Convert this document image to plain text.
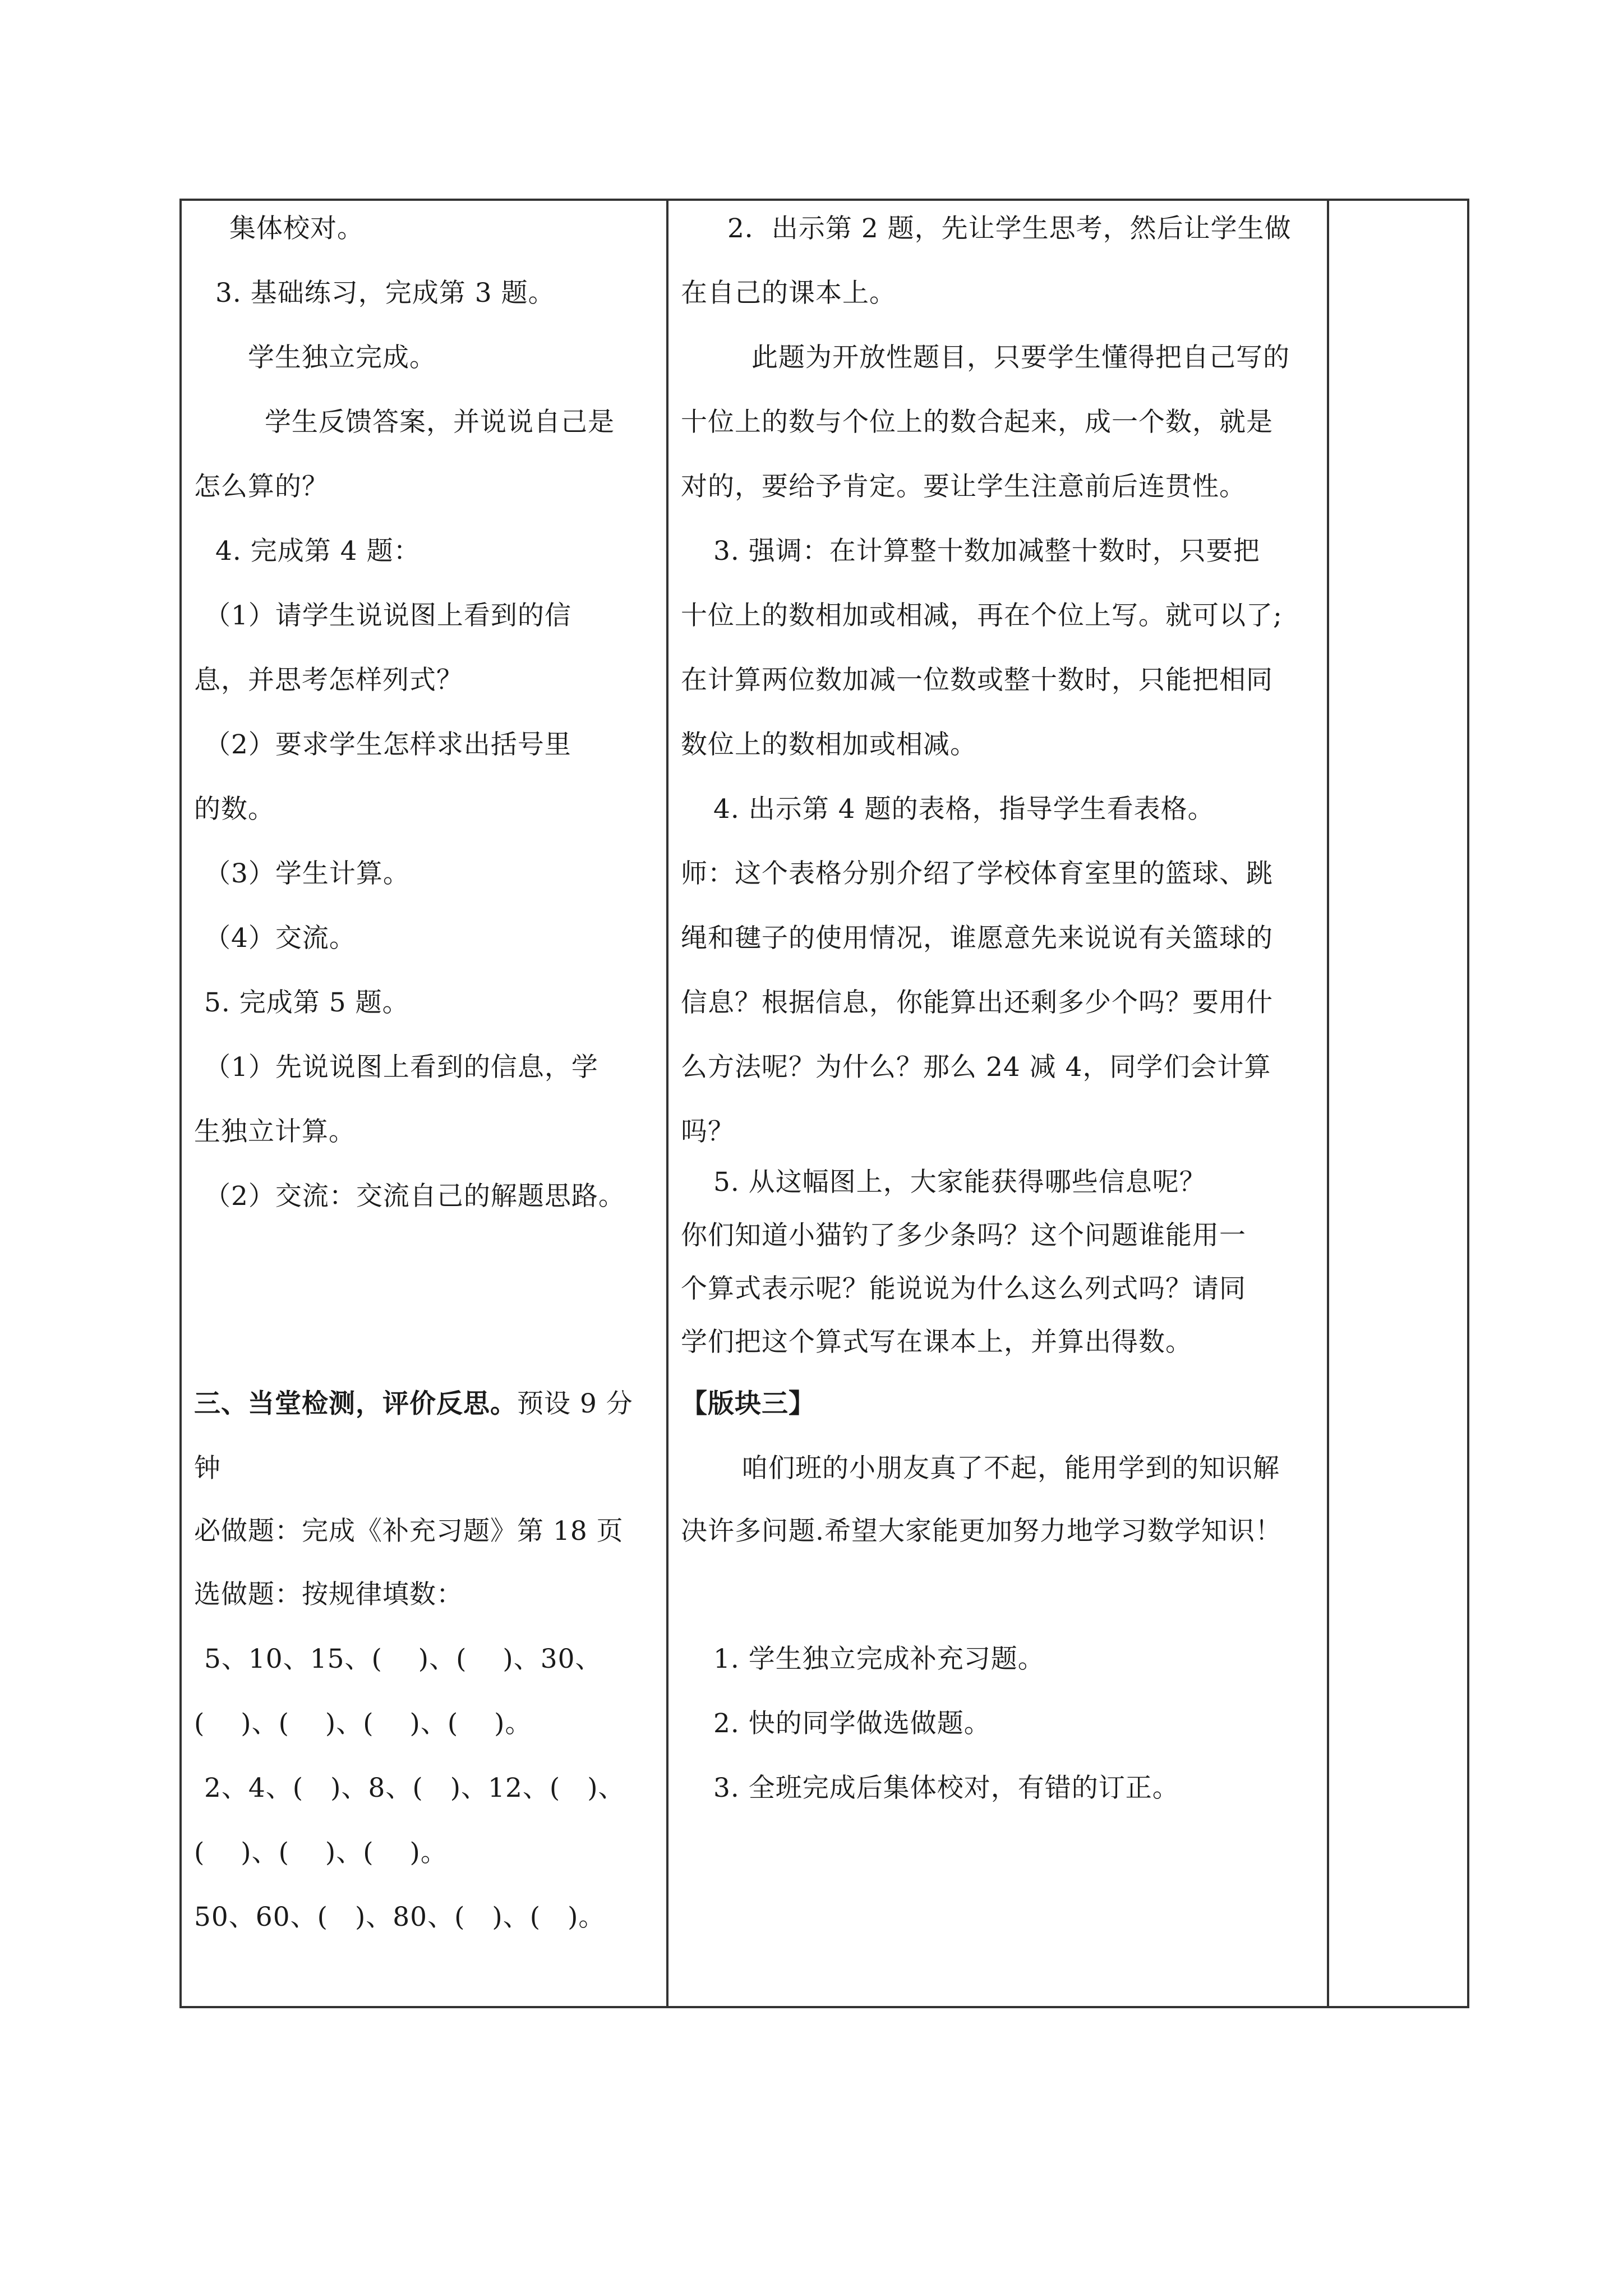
集体校对。

3. 基础练习，完成第 3 题。

学生独立完成。

学生反馈答案，并说说自己是

怎么算的？

4. 完成第 4 题：

（1）请学生说说图上看到的信

息，并思考怎样列式？

（2）要求学生怎样求出括号里

的数。

（3）学生计算。

（4）交流。

5. 完成第 5 题。

（1）先说说图上看到的信息，学

生独立计算。

（2）交流：交流自己的解题思路。

三、当堂检测，评价反思。预设 9 分

钟

必做题：完成《补充习题》第 18 页

选做题：按规律填数：

5、10、15、(　 )、(　 )、30、

(　 )、(　 )、(　 )、(　 )。

2、4、(　)、8、(　)、12、(　)、

(　 )、(　 )、(　 )。

50、60、(　)、80、(　)、(　)。

2．出示第 2 题，先让学生思考，然后让学生做

在自己的课本上。

此题为开放性题目，只要学生懂得把自己写的

十位上的数与个位上的数合起来，成一个数，就是

对的，要给予肯定。要让学生注意前后连贯性。

3. 强调：在计算整十数加减整十数时，只要把

十位上的数相加或相减，再在个位上写。就可以了;

在计算两位数加减一位数或整十数时，只能把相同

数位上的数相加或相减。

4. 出示第 4 题的表格，指导学生看表格。

师：这个表格分别介绍了学校体育室里的篮球、跳

绳和毽子的使用情况，谁愿意先来说说有关篮球的

信息？根据信息，你能算出还剩多少个吗？要用什

么方法呢？为什么？那么 24 减 4，同学们会计算

吗？

5. 从这幅图上，大家能获得哪些信息呢？

你们知道小猫钓了多少条吗？这个问题谁能用一

个算式表示呢？能说说为什么这么列式吗？请同

学们把这个算式写在课本上，并算出得数。

【版块三】

咱们班的小朋友真了不起，能用学到的知识解

决许多问题.希望大家能更加努力地学习数学知识！

1. 学生独立完成补充习题。

2. 快的同学做选做题。

3. 全班完成后集体校对，有错的订正。
